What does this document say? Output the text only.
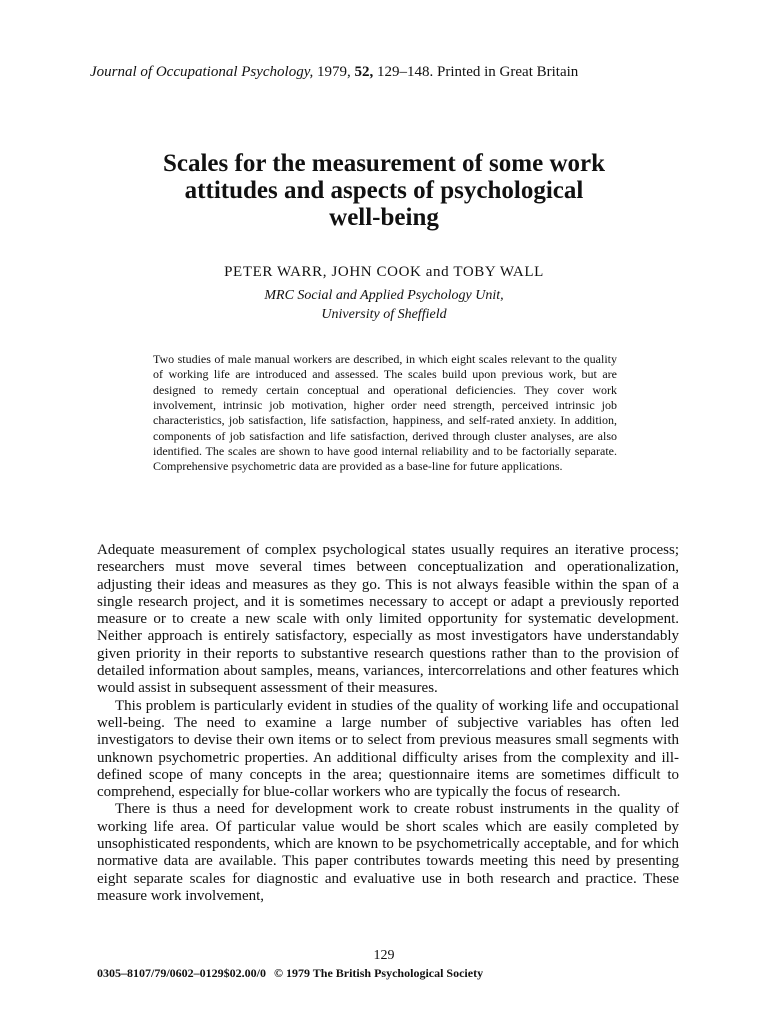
Journal of Occupational Psychology, 1979, 52, 129–148. Printed in Great Britain
Scales for the measurement of some work
attitudes and aspects of psychological
well-being
PETER WARR, JOHN COOK and TOBY WALL
MRC Social and Applied Psychology Unit,
University of Sheffield
Two studies of male manual workers are described, in which eight scales relevant to the quality of working life are introduced and assessed. The scales build upon previous work, but are designed to remedy certain conceptual and operational deficiencies. They cover work involvement, intrinsic job motivation, higher order need strength, perceived intrinsic job characteristics, job satisfaction, life satisfaction, happiness, and self-rated anxiety. In addition, components of job satisfaction and life satisfaction, derived through cluster analyses, are also identified. The scales are shown to have good internal reliability and to be factorially separate. Comprehensive psychometric data are provided as a base-line for future applications.

Adequate measurement of complex psychological states usually requires an iterative process; researchers must move several times between conceptualization and operationalization, adjusting their ideas and measures as they go. This is not always feasible within the span of a single research project, and it is sometimes necessary to accept or adapt a previously reported measure or to create a new scale with only limited opportunity for systematic development. Neither approach is entirely satisfactory, especially as most investigators have understandably given priority in their reports to substantive research questions rather than to the provision of detailed information about samples, means, variances, intercorrelations and other features which would assist in subsequent assessment of their measures.

This problem is particularly evident in studies of the quality of working life and occupational well-being. The need to examine a large number of subjective variables has often led investigators to devise their own items or to select from previous measures small segments with unknown psychometric properties. An additional difficulty arises from the complexity and ill-defined scope of many concepts in the area; questionnaire items are sometimes difficult to comprehend, especially for blue-collar workers who are typically the focus of research.

There is thus a need for development work to create robust instruments in the quality of working life area. Of particular value would be short scales which are easily completed by unsophisticated respondents, which are known to be psychometrically acceptable, and for which normative data are available. This paper contributes towards meeting this need by presenting eight separate scales for diagnostic and evaluative use in both research and practice. These measure work involvement,

129
0305–8107/79/0602–0129$02.00/0 © 1979 The British Psychological Society
